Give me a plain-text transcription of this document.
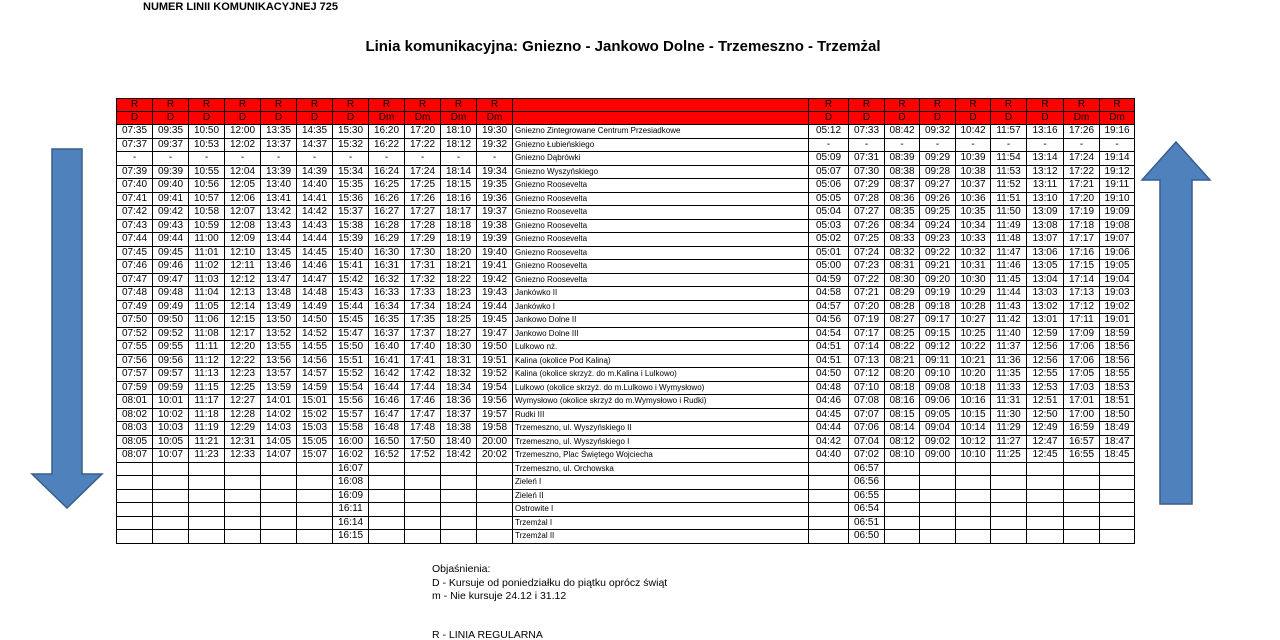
NUMER LINII KOMUNIKACYJNEJ 725
Linia komunikacyjna: Gniezno - Jankowo Dolne - Trzemeszno - Trzemżal
R	R	R	R	R	R	R	R	R	R	R		R	R	R	R	R	R	R	R	R
D	D	D	D	D	D	D	Dm	Dm	Dm	Dm		D	D	D	D	D	D	D	Dm	Dm
07:35	09:35	10:50	12:00	13:35	14:35	15:30	16:20	17:20	18:10	19:30	Gniezno Zintegrowane Centrum Przesiadkowe	05:12	07:33	08:42	09:32	10:42	11:57	13:16	17:26	19:16
07:37	09:37	10:53	12:02	13:37	14:37	15:32	16:22	17:22	18:12	19:32	Gniezno Łubieńskiego	-	-	-	-	-	-	-	-	-
-	-	-	-	-	-	-	-	-	-	-	Gniezno Dąbrówki	05:09	07:31	08:39	09:29	10:39	11:54	13:14	17:24	19:14
07:39	09:39	10:55	12:04	13:39	14:39	15:34	16:24	17:24	18:14	19:34	Gniezno Wyszyńskiego	05:07	07:30	08:38	09:28	10:38	11:53	13:12	17:22	19:12
07:40	09:40	10:56	12:05	13:40	14:40	15:35	16:25	17:25	18:15	19:35	Gniezno Roosevelta	05:06	07:29	08:37	09:27	10:37	11:52	13:11	17:21	19:11
07:41	09:41	10:57	12:06	13:41	14:41	15:36	16:26	17:26	18:16	19:36	Gniezno Roosevelta	05:05	07:28	08:36	09:26	10:36	11:51	13:10	17:20	19:10
07:42	09:42	10:58	12:07	13:42	14:42	15:37	16:27	17:27	18:17	19:37	Gniezno Roosevelta	05:04	07:27	08:35	09:25	10:35	11:50	13:09	17:19	19:09
07:43	09:43	10:59	12:08	13:43	14:43	15:38	16:28	17:28	18:18	19:38	Gniezno Roosevelta	05:03	07:26	08:34	09:24	10:34	11:49	13:08	17:18	19:08
07:44	09:44	11:00	12:09	13:44	14:44	15:39	16:29	17:29	18:19	19:39	Gniezno Roosevelta	05:02	07:25	08:33	09:23	10:33	11:48	13:07	17:17	19:07
07:45	09:45	11:01	12:10	13:45	14:45	15:40	16:30	17:30	18:20	19:40	Gniezno Roosevelta	05:01	07:24	08:32	09:22	10:32	11:47	13:06	17:16	19:06
07:46	09:46	11:02	12:11	13:46	14:46	15:41	16:31	17:31	18:21	19:41	Gniezno Roosevelta	05:00	07:23	08:31	09:21	10:31	11:46	13:05	17:15	19:05
07:47	09:47	11:03	12:12	13:47	14:47	15:42	16:32	17:32	18:22	19:42	Gniezno Roosevelta	04:59	07:22	08:30	09:20	10:30	11:45	13:04	17:14	19:04
07:48	09:48	11:04	12:13	13:48	14:48	15:43	16:33	17:33	18:23	19:43	Jankówko II	04:58	07:21	08:29	09:19	10:29	11:44	13:03	17:13	19:03
07:49	09:49	11:05	12:14	13:49	14:49	15:44	16:34	17:34	18:24	19:44	Jankówko I	04:57	07:20	08:28	09:18	10:28	11:43	13:02	17:12	19:02
07:50	09:50	11:06	12:15	13:50	14:50	15:45	16:35	17:35	18:25	19:45	Jankowo Dolne II	04:56	07:19	08:27	09:17	10:27	11:42	13:01	17:11	19:01
07:52	09:52	11:08	12:17	13:52	14:52	15:47	16:37	17:37	18:27	19:47	Jankowo Dolne III	04:54	07:17	08:25	09:15	10:25	11:40	12:59	17:09	18:59
07:55	09:55	11:11	12:20	13:55	14:55	15:50	16:40	17:40	18:30	19:50	Lulkowo nż.	04:51	07:14	08:22	09:12	10:22	11:37	12:56	17:06	18:56
07:56	09:56	11:12	12:22	13:56	14:56	15:51	16:41	17:41	18:31	19:51	Kalina (okolice Pod Kaliną)	04:51	07:13	08:21	09:11	10:21	11:36	12:56	17:06	18:56
07:57	09:57	11:13	12:23	13:57	14:57	15:52	16:42	17:42	18:32	19:52	Kalina (okolice skrzyż. do m.Kalina i Lulkowo)	04:50	07:12	08:20	09:10	10:20	11:35	12:55	17:05	18:55
07:59	09:59	11:15	12:25	13:59	14:59	15:54	16:44	17:44	18:34	19:54	Lulkowo (okolice skrzyż. do m.Lulkowo i Wymysłowo)	04:48	07:10	08:18	09:08	10:18	11:33	12:53	17:03	18:53
08:01	10:01	11:17	12:27	14:01	15:01	15:56	16:46	17:46	18:36	19:56	Wymysłowo (okolice skrzyż do m.Wymysłowo i Rudki)	04:46	07:08	08:16	09:06	10:16	11:31	12:51	17:01	18:51
08:02	10:02	11:18	12:28	14:02	15:02	15:57	16:47	17:47	18:37	19:57	Rudki III	04:45	07:07	08:15	09:05	10:15	11:30	12:50	17:00	18:50
08:03	10:03	11:19	12:29	14:03	15:03	15:58	16:48	17:48	18:38	19:58	Trzemeszno, ul. Wyszyńskiego II	04:44	07:06	08:14	09:04	10:14	11:29	12:49	16:59	18:49
08:05	10:05	11:21	12:31	14:05	15:05	16:00	16:50	17:50	18:40	20:00	Trzemeszno, ul. Wyszyńskiego I	04:42	07:04	08:12	09:02	10:12	11:27	12:47	16:57	18:47
08:07	10:07	11:23	12:33	14:07	15:07	16:02	16:52	17:52	18:42	20:02	Trzemeszno, Plac Świętego Wojciecha	04:40	07:02	08:10	09:00	10:10	11:25	12:45	16:55	18:45
						16:07					Trzemeszno, ul. Orchowska		06:57							
						16:08					Zieleń I		06:56							
						16:09					Zieleń II		06:55							
						16:11					Ostrowite I		06:54							
						16:14					Trzemżal I		06:51							
						16:15					Trzemżal II		06:50							
Objaśnienia:
D - Kursuje od poniedziałku do piątku oprócz świąt
m - Nie kursuje 24.12 i 31.12
R - LINIA REGULARNA
